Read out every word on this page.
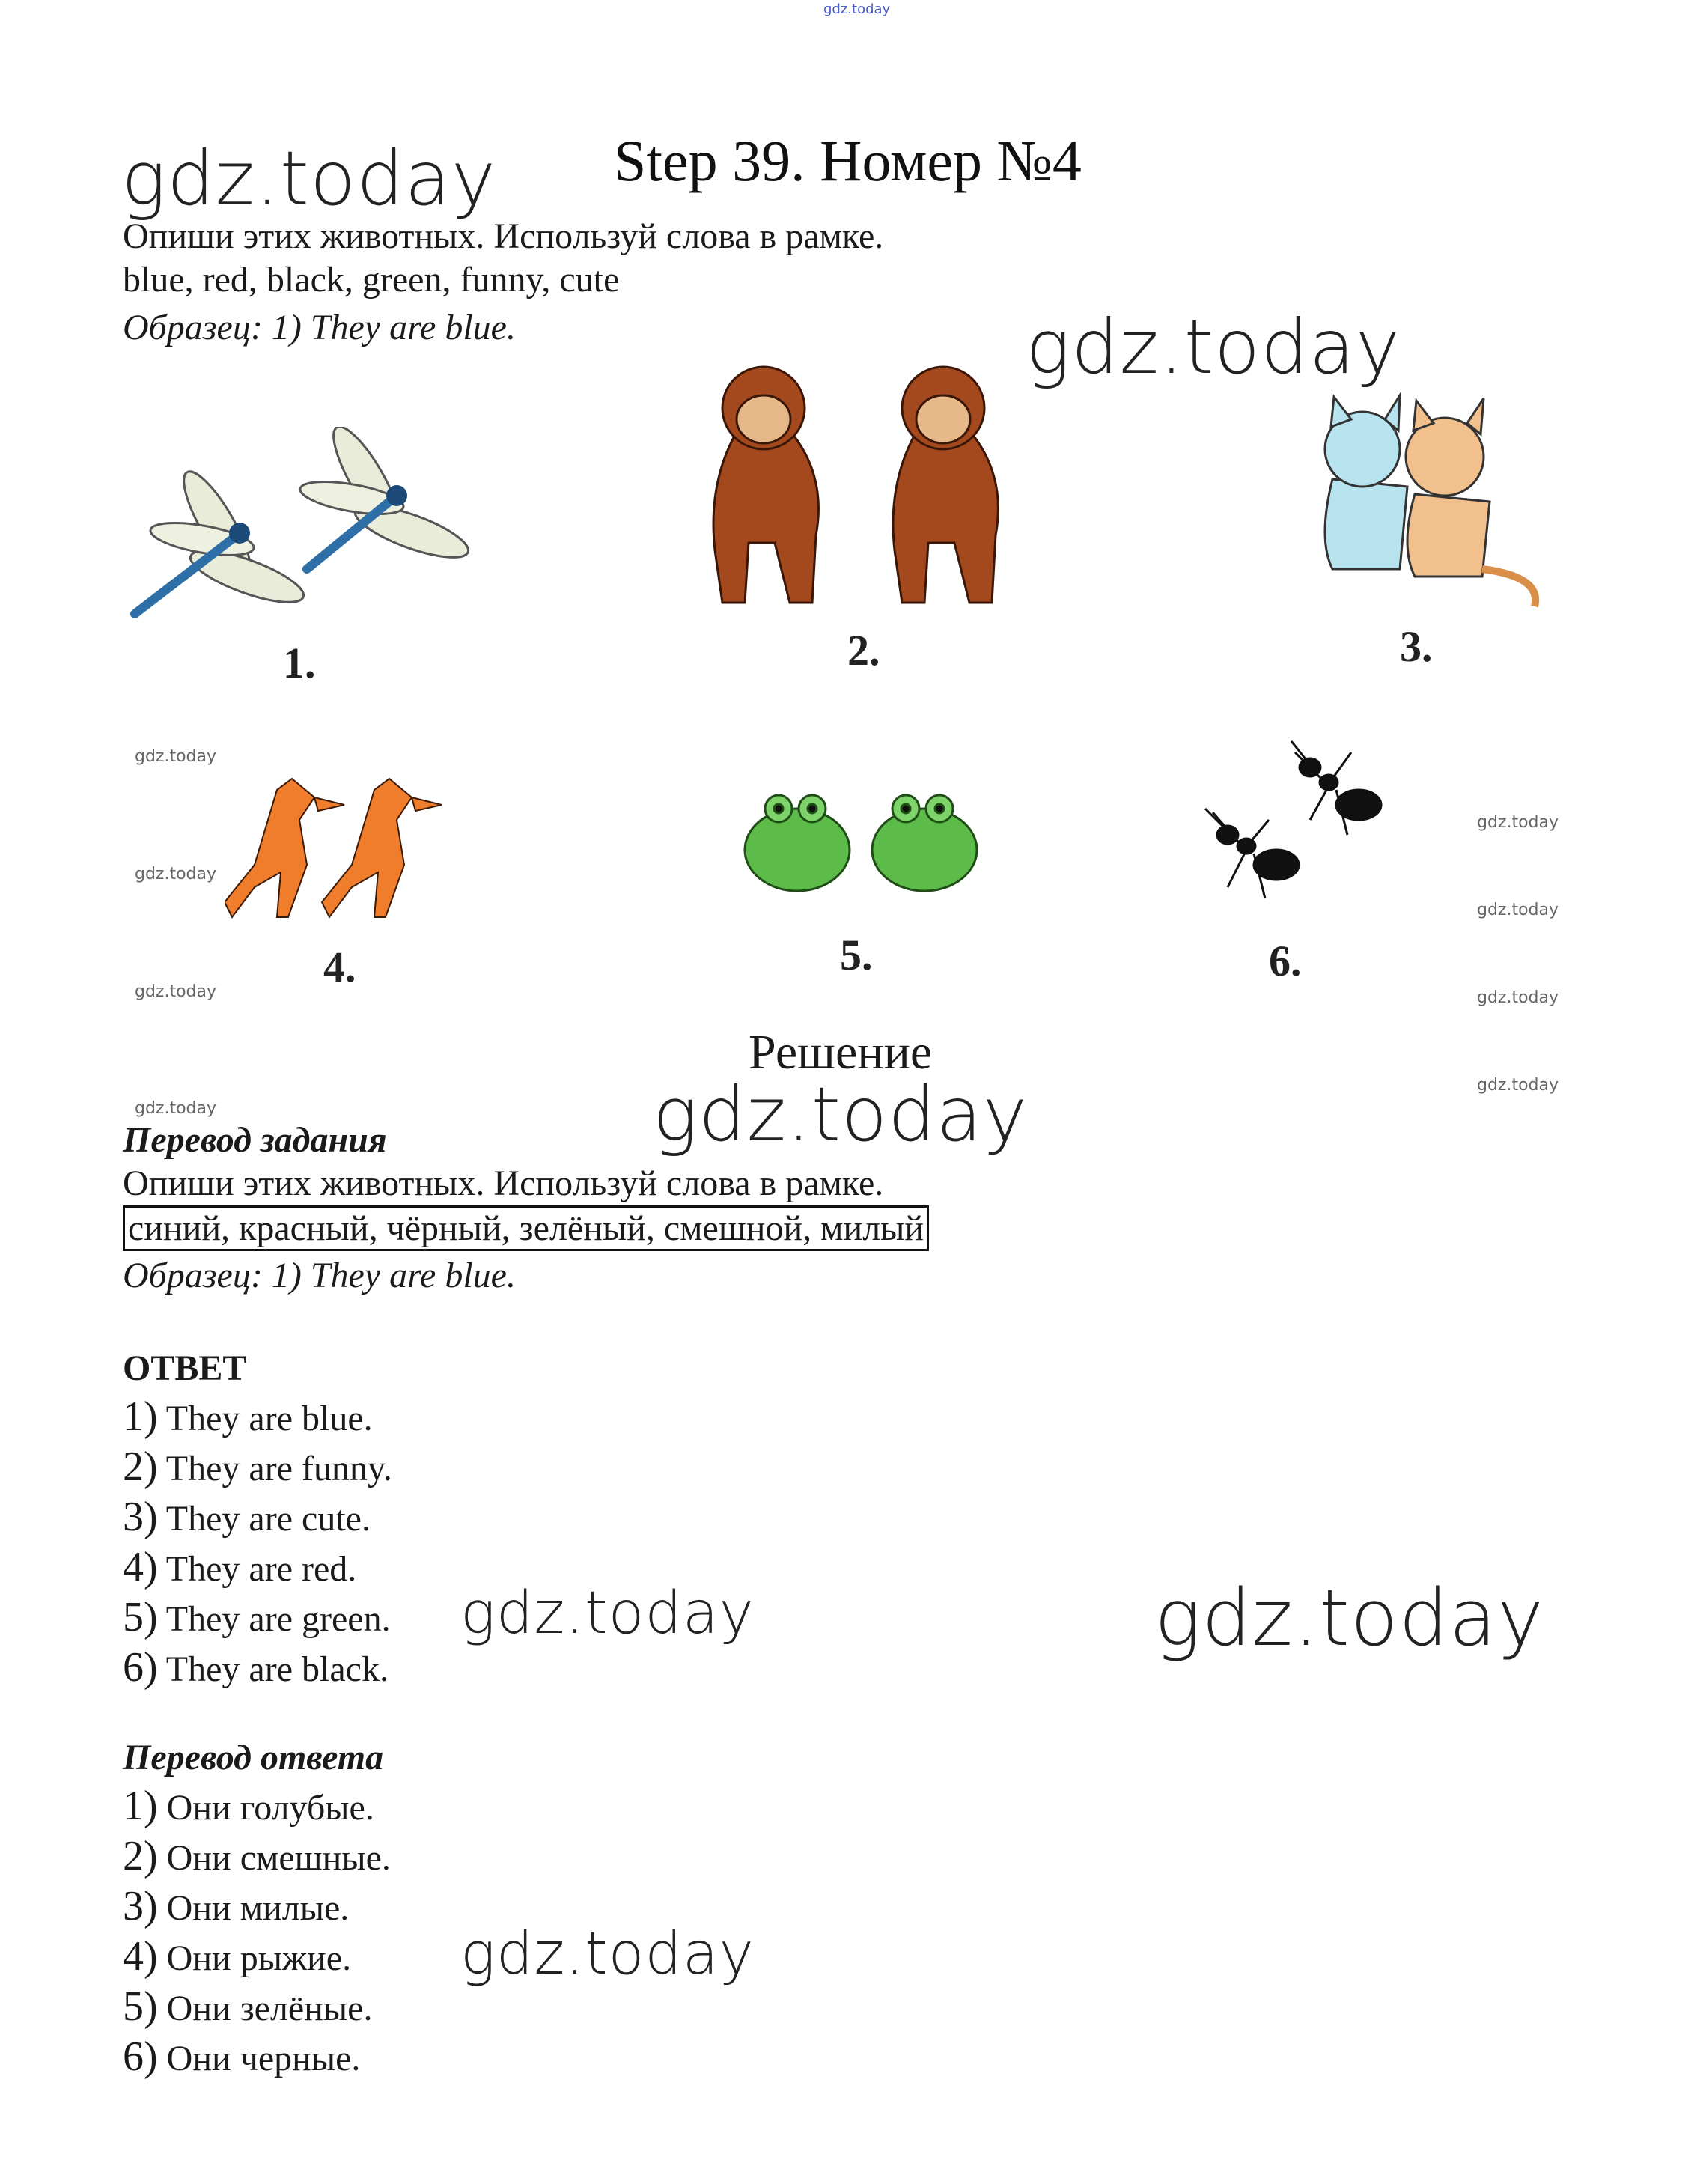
gdz.today
gdz.today
gdz.today
gdz.today
gdz.today	gdz.today
gdz.today
gdz.today
gdz.today
gdz.today
gdz.today
gdz.today
gdz.today
gdz.today
gdz.today
Step 39. Номер №4
Опиши этих животных. Используй слова в рамке.
blue, red, black, green, funny, cute
Образец: 1) They are blue.
1.	2.	3.
4.	5.	6.
Решение
Перевод задания
Опиши этих животных. Используй слова в рамке.
синий, красный, чёрный, зелёный, смешной, милый
Образец: 1) They are blue.
ОТВЕТ
1) They are blue.
2) They are funny.
3) They are cute.
4) They are red.
5) They are green.
6) They are black.
Перевод ответа
1) Они голубые.
2) Они смешные.
3) Они милые.
4) Они рыжие.
5) Они зелёные.
6) Они черные.
